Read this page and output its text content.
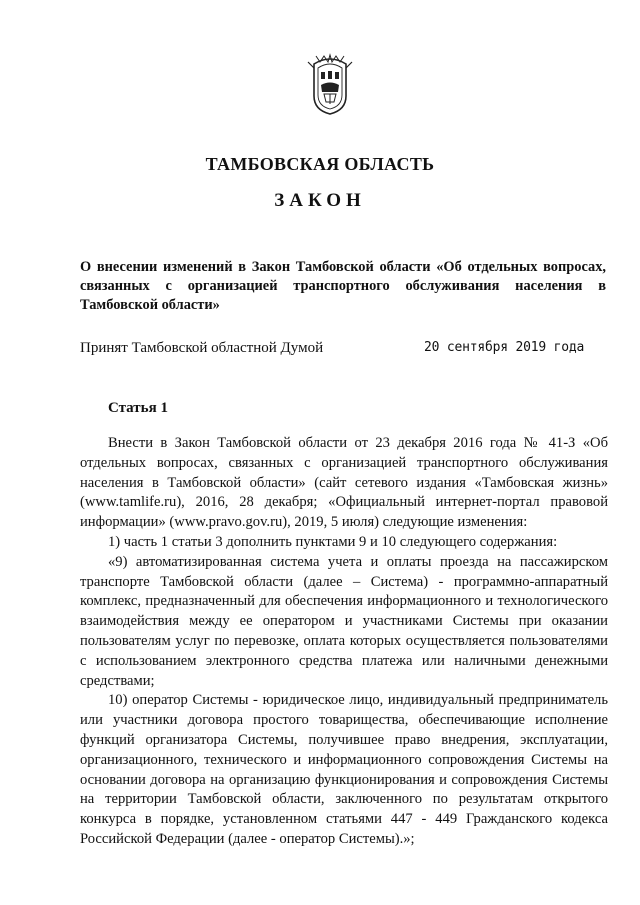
ТАМБОВСКАЯ ОБЛАСТЬ
ЗАКОН

О внесении изменений в Закон Тамбовской области «Об отдельных вопросах, связанных с организацией транспортного обслуживания населения в Тамбовской области»

Принят Тамбовской областной Думой	20 сентября 2019 года
Статья 1

Внести в Закон Тамбовской области от 23 декабря 2016 года № 41-З «Об отдельных вопросах, связанных с организацией транспортного обслуживания населения в Тамбовской области» (сайт сетевого издания «Тамбовская жизнь» (www.tamlife.ru), 2016, 28 декабря; «Официальный интернет-портал правовой информации» (www.pravo.gov.ru), 2019, 5 июля) следующие изменения:

1) часть 1 статьи 3 дополнить пунктами 9 и 10 следующего содержания:

«9) автоматизированная система учета и оплаты проезда на пассажирском транспорте Тамбовской области (далее – Система) - программно-аппаратный комплекс, предназначенный для обеспечения информационного и технологического взаимодействия между ее оператором и участниками Системы при оказании пользователям услуг по перевозке, оплата которых осуществляется пользователями с использованием электронного средства платежа или наличными денежными средствами;

10) оператор Системы - юридическое лицо, индивидуальный предприниматель или участники договора простого товарищества, обеспечивающие исполнение функций организатора Системы, получившее право внедрения, эксплуатации, организационного, технического и информационного сопровождения Системы на основании договора на организацию функционирования и сопровождения Системы на территории Тамбовской области, заключенного по результатам открытого конкурса в порядке, установленном статьями 447 - 449 Гражданского кодекса Российской Федерации (далее - оператор Системы).»;
